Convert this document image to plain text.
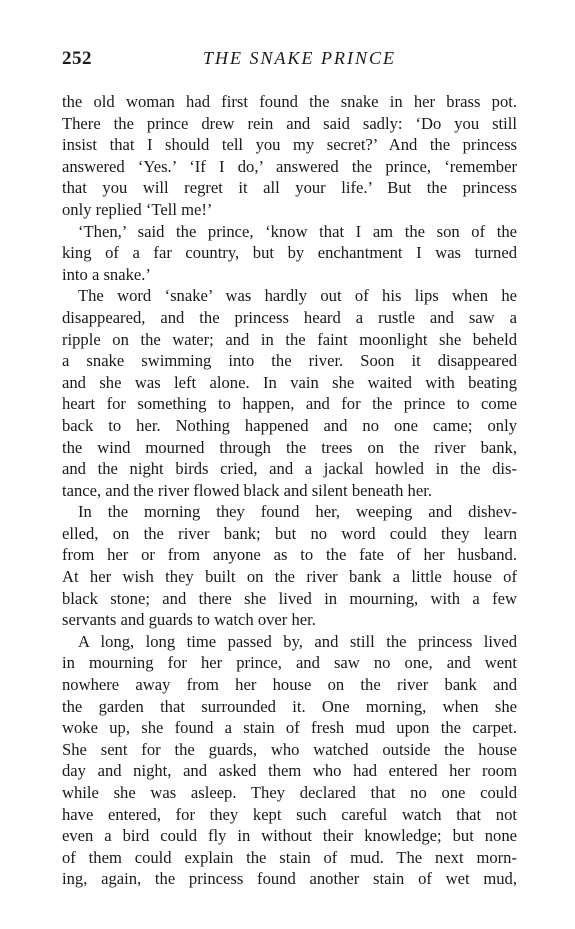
252	THE SNAKE PRINCE
the old woman had first found the snake in her brass pot.
There the prince drew rein and said sadly: ‘Do you still
insist that I should tell you my secret?’ And the princess
answered ‘Yes.’ ‘If I do,’ answered the prince, ‘remember
that you will regret it all your life.’ But the princess
only replied ‘Tell me!’
‘Then,’ said the prince, ‘know that I am the son of the
king of a far country, but by enchantment I was turned
into a snake.’
The word ‘snake’ was hardly out of his lips when he
disappeared, and the princess heard a rustle and saw a
ripple on the water; and in the faint moonlight she beheld
a snake swimming into the river. Soon it disappeared
and she was left alone. In vain she waited with beating
heart for something to happen, and for the prince to come
back to her. Nothing happened and no one came; only
the wind mourned through the trees on the river bank,
and the night birds cried, and a jackal howled in the dis-
tance, and the river flowed black and silent beneath her.
In the morning they found her, weeping and dishev-
elled, on the river bank; but no word could they learn
from her or from anyone as to the fate of her husband.
At her wish they built on the river bank a little house of
black stone; and there she lived in mourning, with a few
servants and guards to watch over her.
A long, long time passed by, and still the princess lived
in mourning for her prince, and saw no one, and went
nowhere away from her house on the river bank and
the garden that surrounded it. One morning, when she
woke up, she found a stain of fresh mud upon the carpet.
She sent for the guards, who watched outside the house
day and night, and asked them who had entered her room
while she was asleep. They declared that no one could
have entered, for they kept such careful watch that not
even a bird could fly in without their knowledge; but none
of them could explain the stain of mud. The next morn-
ing, again, the princess found another stain of wet mud,
